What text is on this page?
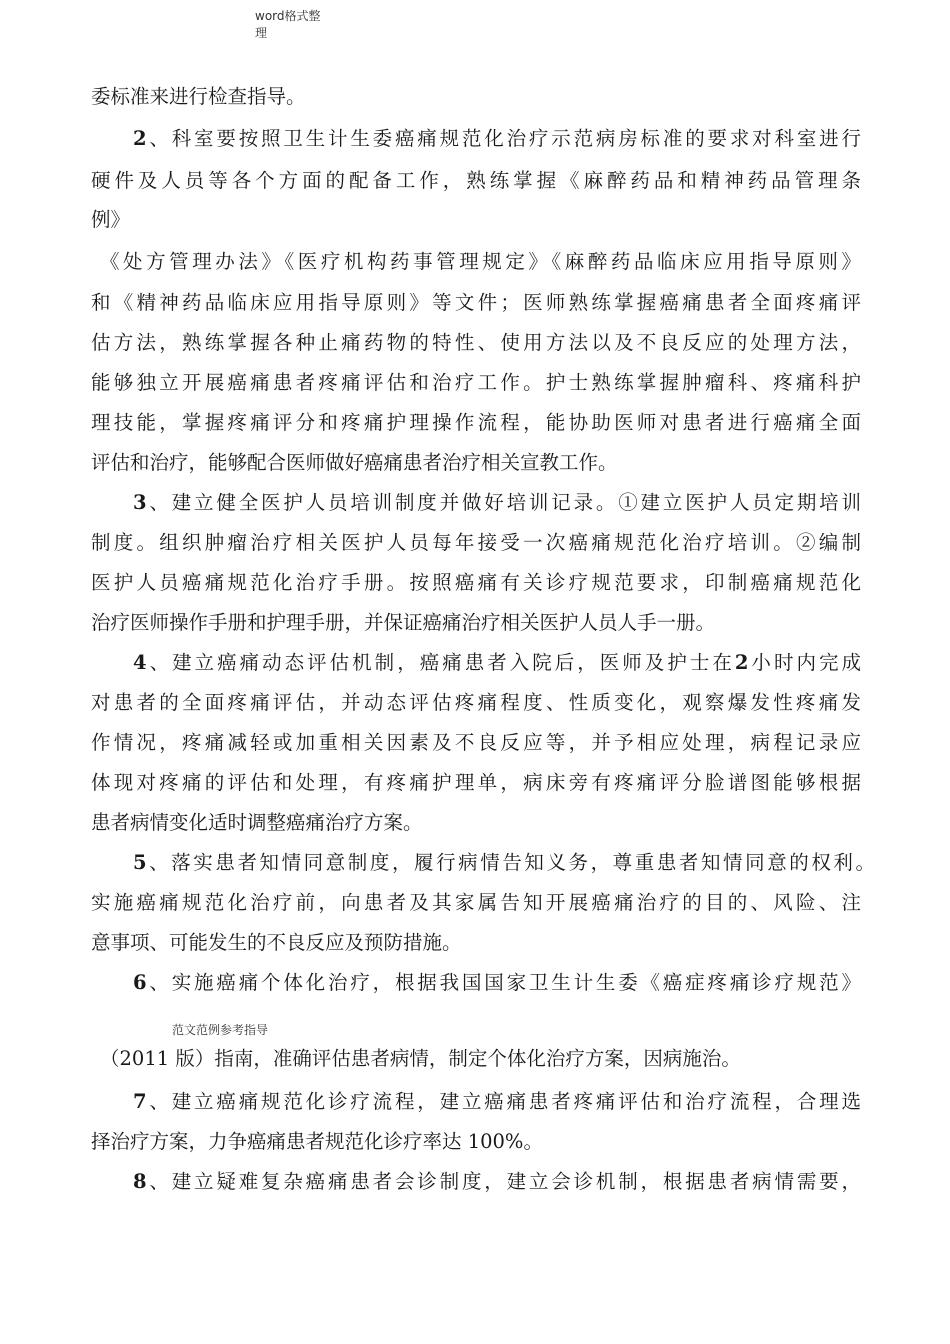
word格式整
理
委标准来进行检查指导。
2、科室要按照卫生计生委癌痛规范化治疗示范病房标准的要求对科室进行
硬件及人员等各个方面的配备工作，熟练掌握《麻醉药品和精神药品管理条
例》
《处方管理办法》《医疗机构药事管理规定》《麻醉药品临床应用指导原则》
和《精神药品临床应用指导原则》等文件；医师熟练掌握癌痛患者全面疼痛评
估方法，熟练掌握各种止痛药物的特性、使用方法以及不良反应的处理方法，
能够独立开展癌痛患者疼痛评估和治疗工作。护士熟练掌握肿瘤科、疼痛科护
理技能，掌握疼痛评分和疼痛护理操作流程，能协助医师对患者进行癌痛全面
评估和治疗，能够配合医师做好癌痛患者治疗相关宣教工作。
3、建立健全医护人员培训制度并做好培训记录。①建立医护人员定期培训
制度。组织肿瘤治疗相关医护人员每年接受一次癌痛规范化治疗培训。②编制
医护人员癌痛规范化治疗手册。按照癌痛有关诊疗规范要求，印制癌痛规范化
治疗医师操作手册和护理手册，并保证癌痛治疗相关医护人员人手一册。
4、建立癌痛动态评估机制，癌痛患者入院后，医师及护士在2小时内完成
对患者的全面疼痛评估，并动态评估疼痛程度、性质变化，观察爆发性疼痛发
作情况，疼痛减轻或加重相关因素及不良反应等，并予相应处理，病程记录应
体现对疼痛的评估和处理，有疼痛护理单，病床旁有疼痛评分脸谱图能够根据
患者病情变化适时调整癌痛治疗方案。
5、落实患者知情同意制度，履行病情告知义务，尊重患者知情同意的权利。
实施癌痛规范化治疗前，向患者及其家属告知开展癌痛治疗的目的、风险、注
意事项、可能发生的不良反应及预防措施。
6、实施癌痛个体化治疗，根据我国国家卫生计生委《癌症疼痛诊疗规范》
范文范例参考指导
（2011 版）指南，准确评估患者病情，制定个体化治疗方案，因病施治。
7、建立癌痛规范化诊疗流程，建立癌痛患者疼痛评估和治疗流程，合理选
择治疗方案，力争癌痛患者规范化诊疗率达 100%。
8、建立疑难复杂癌痛患者会诊制度，建立会诊机制，根据患者病情需要，
